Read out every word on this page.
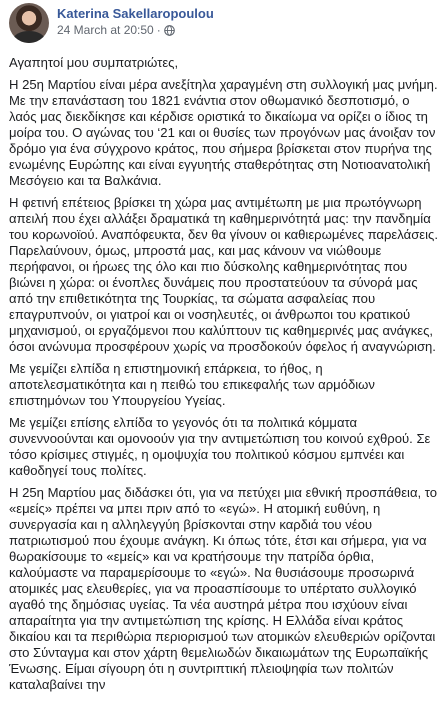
Katerina Sakellaropoulou
24 March at 20:50 ·

Αγαπητοί μου συμπατριώτες,

Η 25η Μαρτίου είναι μέρα ανεξίτηλα χαραγμένη στη συλλογική μας μνήμη. Με την επανάσταση του 1821 ενάντια στον οθωμανικό δεσποτισμό, ο λαός μας διεκδίκησε και κέρδισε οριστικά το δικαίωμα να ορίζει ο ίδιος τη μοίρα του. Ο αγώνας του ‘21 και οι θυσίες των προγόνων μας άνοιξαν τον δρόμο για ένα σύγχρονο κράτος, που σήμερα βρίσκεται στον πυρήνα της ενωμένης Ευρώπης και είναι εγγυητής σταθερότητας στη Νοτιοανατολική Μεσόγειο και τα Βαλκάνια.

Η φετινή επέτειος βρίσκει τη χώρα μας αντιμέτωπη με μια πρωτόγνωρη απειλή που έχει αλλάξει δραματικά τη καθημερινότητά μας: την πανδημία του κορωνοϊού. Αναπόφευκτα, δεν θα γίνουν οι καθιερωμένες παρελάσεις. Παρελαύνουν, όμως, μπροστά μας, και μας κάνουν να νιώθουμε περήφανοι, οι ήρωες της όλο και πιο δύσκολης καθημερινότητας που βιώνει η χώρα: οι ένοπλες δυνάμεις που προστατεύουν τα σύνορά μας από την επιθετικότητα της Τουρκίας, τα σώματα ασφαλείας που επαγρυπνούν, οι γιατροί και οι νοσηλευτές, οι άνθρωποι του κρατικού μηχανισμού, οι εργαζόμενοι που καλύπτουν τις καθημερινές μας ανάγκες, όσοι ανώνυμα προσφέρουν χωρίς να προσδοκούν όφελος ή αναγνώριση.

Με γεμίζει ελπίδα η επιστημονική επάρκεια, το ήθος, η αποτελεσματικότητα και η πειθώ του επικεφαλής των αρμόδιων επιστημόνων του Υπουργείου Υγείας.

Με γεμίζει επίσης ελπίδα το γεγονός ότι τα πολιτικά κόμματα συνεννοούνται και ομονοούν για την αντιμετώπιση του κοινού εχθρού. Σε τόσο κρίσιμες στιγμές, η ομοψυχία του πολιτικού κόσμου εμπνέει και καθοδηγεί τους πολίτες.

Η 25η Μαρτίου μας διδάσκει ότι, για να πετύχει μια εθνική προσπάθεια, το «εμείς» πρέπει να μπει πριν από το «εγώ». Η ατομική ευθύνη, η συνεργασία και η αλληλεγγύη βρίσκονται στην καρδιά του νέου πατριωτισμού που έχουμε ανάγκη. Κι όπως τότε, έτσι και σήμερα, για να θωρακίσουμε το «εμείς» και να κρατήσουμε την πατρίδα όρθια, καλούμαστε να παραμερίσουμε το «εγώ». Να θυσιάσουμε προσωρινά ατομικές μας ελευθερίες, για να προασπίσουμε το υπέρτατο συλλογικό αγαθό της δημόσιας υγείας. Τα νέα αυστηρά μέτρα που ισχύουν είναι απαραίτητα για την αντιμετώπιση της κρίσης. Η Ελλάδα είναι κράτος δικαίου και τα περιθώρια περιορισμού των ατομικών ελευθεριών ορίζονται στο Σύνταγμα και στον χάρτη θεμελιωδών δικαιωμάτων της Ευρωπαϊκής Ένωσης. Είμαι σίγουρη ότι η συντριπτική πλειοψηφία των πολιτών καταλαβαίνει την
